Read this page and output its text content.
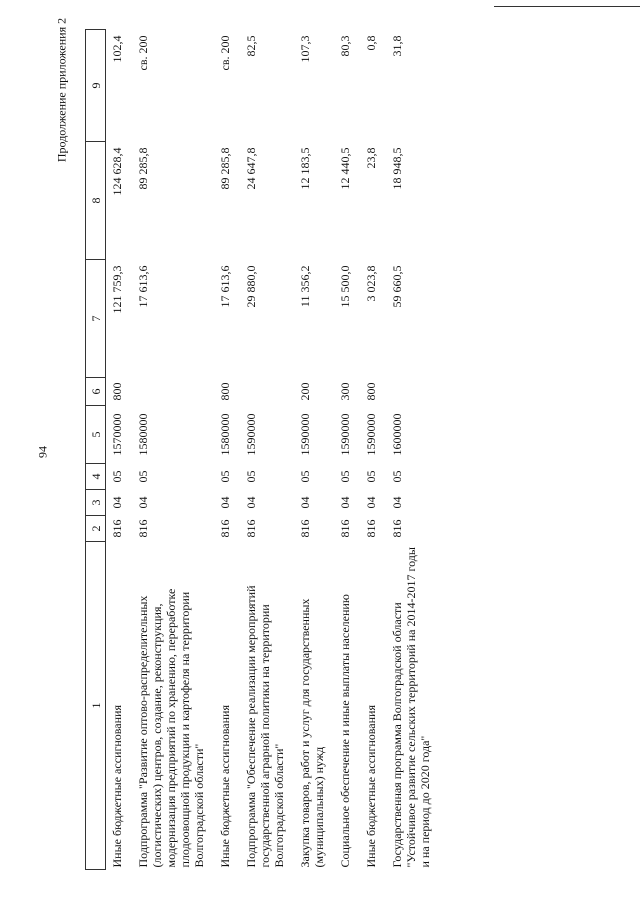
94
Продолжение приложения 2
1	2	3	4	5	6	7	8	9
Иные бюджетные ассигнования	816	04	05	1570000	800	121 759,3	124 628,4	102,4
Подпрограмма "Развитие оптово-распределительных (логистических) центров, создание, реконструкция, модернизация предприятий по хранению, переработке плодоовощной продукции и картофеля на территории Волгоградской области"	816	04	05	1580000		17 613,6	89 285,8	св. 200
Иные бюджетные ассигнования	816	04	05	1580000	800	17 613,6	89 285,8	св. 200
Подпрограмма "Обеспечение реализации мероприятий государственной аграрной политики на территории Волгоградской области"	816	04	05	1590000		29 880,0	24 647,8	82,5
Закупка товаров, работ и услуг для государственных (муниципальных) нужд	816	04	05	1590000	200	11 356,2	12 183,5	107,3
Социальное обеспечение и иные выплаты населению	816	04	05	1590000	300	15 500,0	12 440,5	80,3
Иные бюджетные ассигнования	816	04	05	1590000	800	3 023,8	23,8	0,8
Государственная программа Волгоградской области "Устойчивое развитие сельских территорий на 2014-2017 годы и на период до 2020 года"	816	04	05	1600000		59 660,5	18 948,5	31,8
